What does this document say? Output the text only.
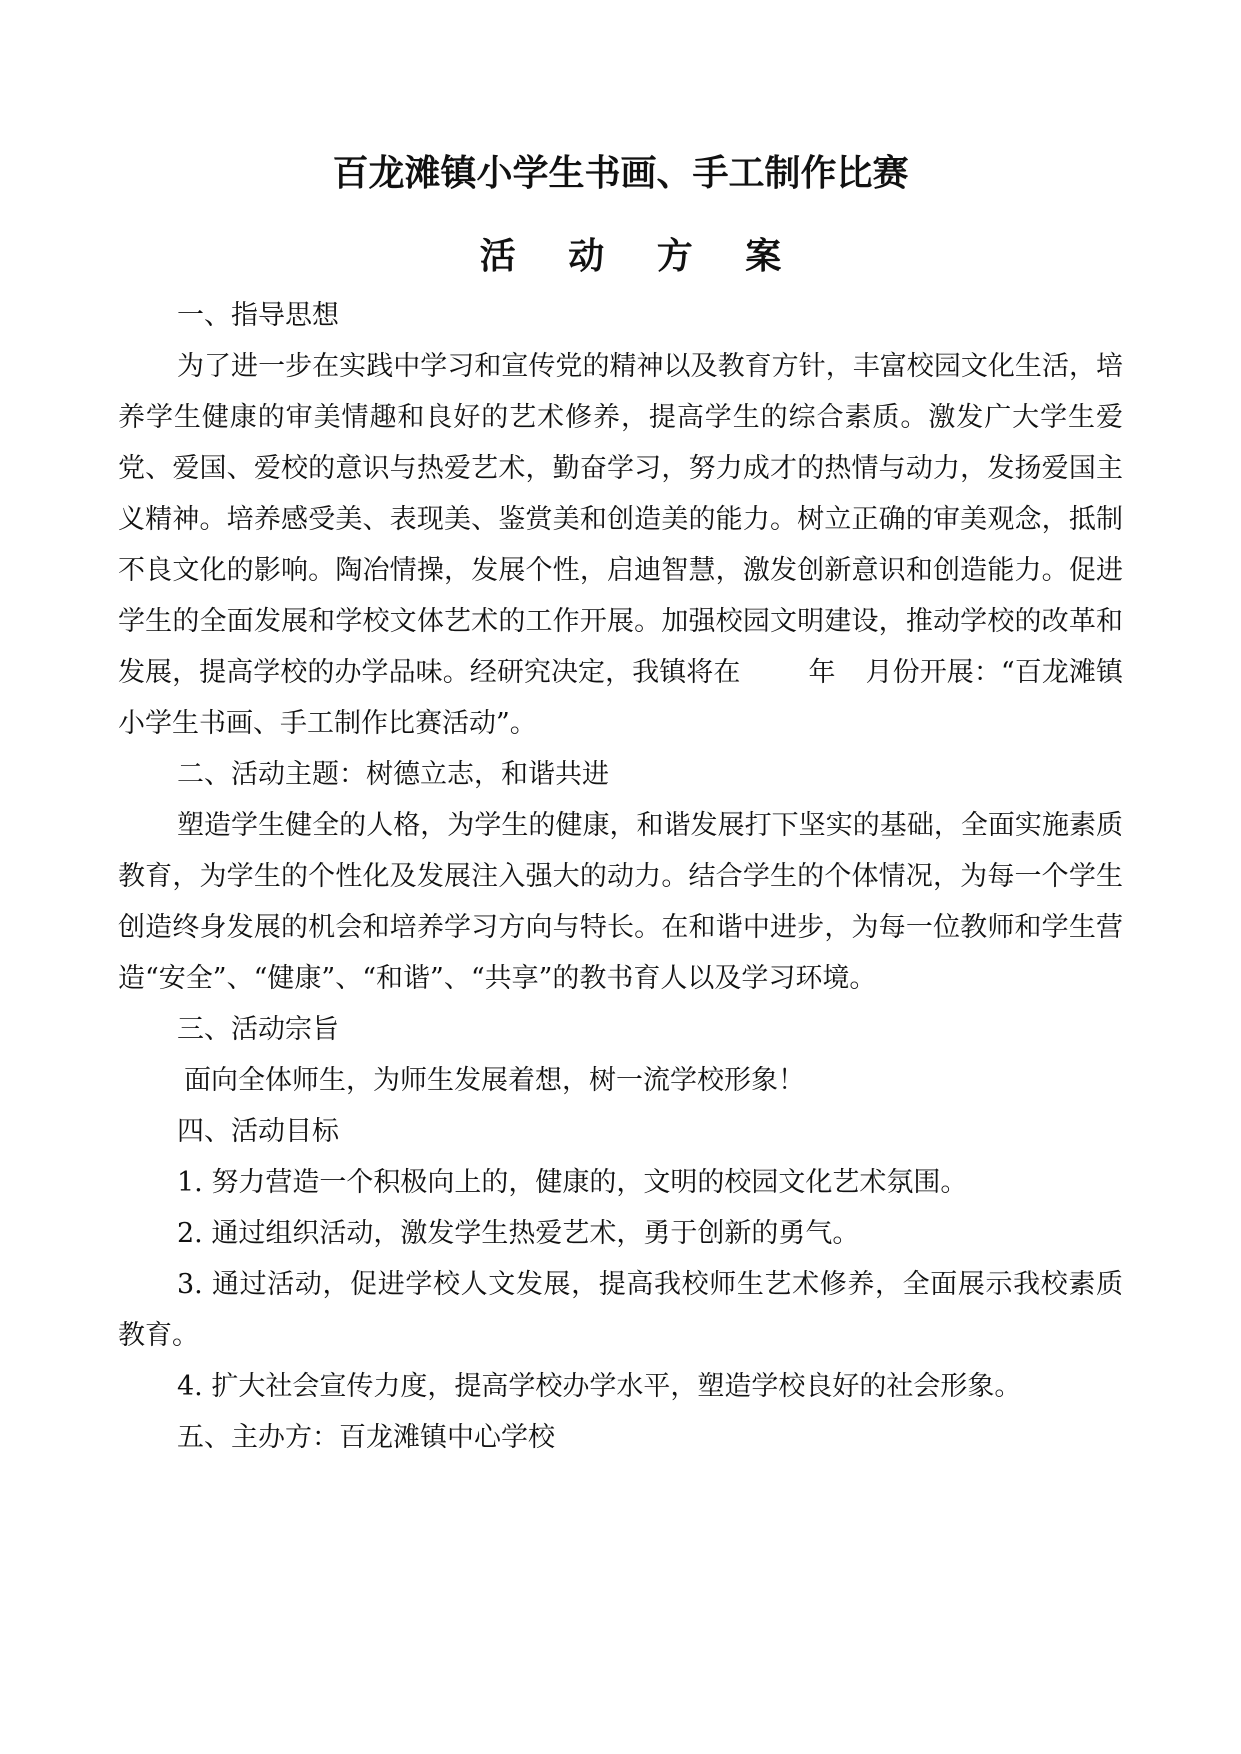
百龙滩镇小学生书画、手工制作比赛
活 动 方 案

一、指导思想

为了进一步在实践中学习和宣传党的精神以及教育方针，丰富校园文化生活，培养学生健康的审美情趣和良好的艺术修养，提高学生的综合素质。激发广大学生爱党、爱国、爱校的意识与热爱艺术，勤奋学习，努力成才的热情与动力，发扬爱国主义精神。培养感受美、表现美、鉴赏美和创造美的能力。树立正确的审美观念，抵制不良文化的影响。陶冶情操，发展个性，启迪智慧，激发创新意识和创造能力。促进学生的全面发展和学校文体艺术的工作开展。加强校园文明建设，推动学校的改革和发展，提高学校的办学品味。经研究决定，我镇将在	年 月份开展：“百龙滩镇小学生书画、手工制作比赛活动”。

二、活动主题：树德立志，和谐共进

塑造学生健全的人格，为学生的健康，和谐发展打下坚实的基础，全面实施素质教育，为学生的个性化及发展注入强大的动力。结合学生的个体情况，为每一个学生创造终身发展的机会和培养学习方向与特长。在和谐中进步，为每一位教师和学生营造“安全”、“健康”、“和谐”、“共享”的教书育人以及学习环境。

三、活动宗旨

面向全体师生，为师生发展着想，树一流学校形象！

四、活动目标

1. 努力营造一个积极向上的，健康的，文明的校园文化艺术氛围。

2. 通过组织活动，激发学生热爱艺术，勇于创新的勇气。

3. 通过活动，促进学校人文发展，提高我校师生艺术修养，全面展示我校素质教育。

4. 扩大社会宣传力度，提高学校办学水平，塑造学校良好的社会形象。

五、主办方：百龙滩镇中心学校
